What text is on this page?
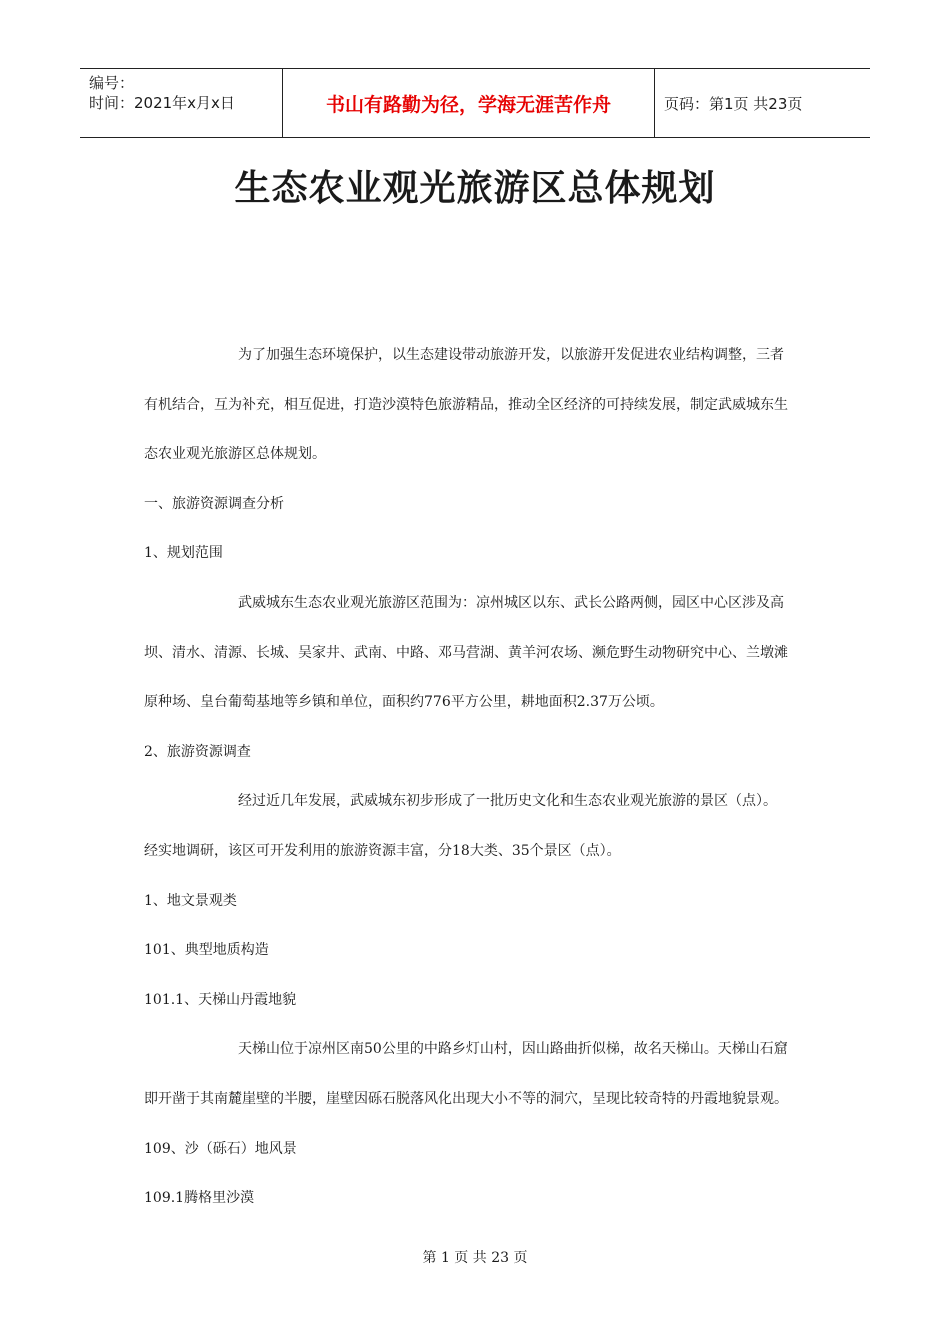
编号：
时间：2021年x月x日	书山有路勤为径，学海无涯苦作舟	页码：第1页 共23页
生态农业观光旅游区总体规划
为了加强生态环境保护，以生态建设带动旅游开发，以旅游开发促进农业结构调整，三者
有机结合，互为补充，相互促进，打造沙漠特色旅游精品，推动全区经济的可持续发展，制定武威城东生
态农业观光旅游区总体规划。
一、旅游资源调查分析
1、规划范围
武威城东生态农业观光旅游区范围为：凉州城区以东、武长公路两侧，园区中心区涉及高
坝、清水、清源、长城、吴家井、武南、中路、邓马营湖、黄羊河农场、濒危野生动物研究中心、兰墩滩
原种场、皇台葡萄基地等乡镇和单位，面积约776平方公里，耕地面积2.37万公顷。
2、旅游资源调查
经过近几年发展，武威城东初步形成了一批历史文化和生态农业观光旅游的景区（点）。
经实地调研，该区可开发利用的旅游资源丰富，分18大类、35个景区（点）。
1、地文景观类
101、典型地质构造
101.1、天梯山丹霞地貌
天梯山位于凉州区南50公里的中路乡灯山村，因山路曲折似梯，故名天梯山。天梯山石窟
即开凿于其南麓崖壁的半腰，崖壁因砾石脱落风化出现大小不等的洞穴，呈现比较奇特的丹霞地貌景观。
109、沙（砾石）地风景
109.1腾格里沙漠
第 1 页 共 23 页
